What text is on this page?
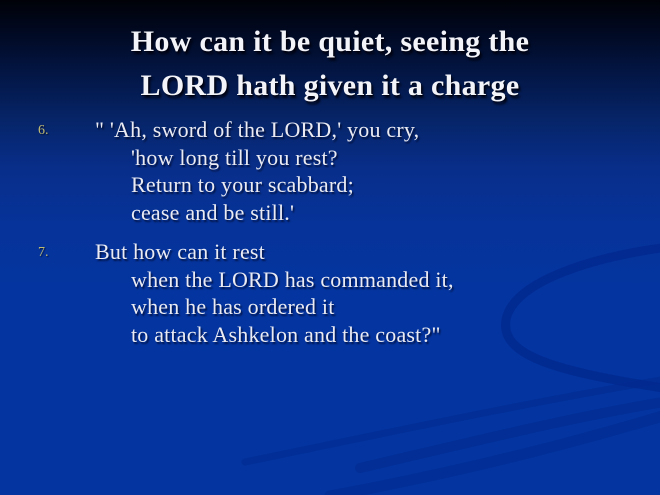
How can it be quiet, seeing the
LORD hath given it a charge
6.	" 'Ah, sword of the LORD,' you cry,
'how long till you rest?
Return to your scabbard;
cease and be still.'
7.	But how can it rest
when the LORD has commanded it,
when he has ordered it
to attack Ashkelon and the coast?"
